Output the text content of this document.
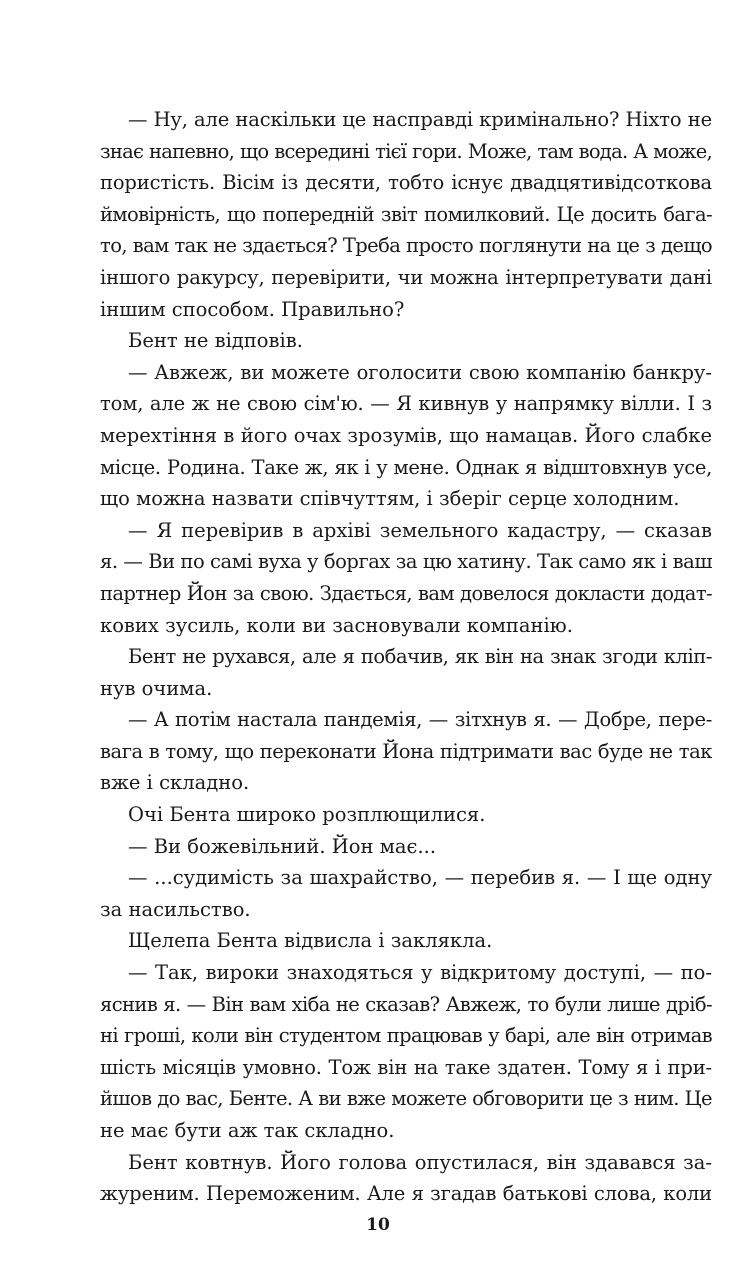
— Ну, але наскільки це насправді кримінально? Ніхто не
знає напевно, що всередині тієї гори. Може, там вода. А може,
пористість. Вісім із десяти, тобто існує двадцятивідсоткова
ймовірність, що попередній звіт помилковий. Це досить бага-
то, вам так не здається? Треба просто поглянути на це з дещо
іншого ракурсу, перевірити, чи можна інтерпретувати дані
іншим способом. Правильно?
Бент не відповів.
— Авжеж, ви можете оголосити свою компанію банкру-
том, але ж не свою сім'ю. — Я кивнув у напрямку вілли. І з
мерехтіння в його очах зрозумів, що намацав. Його слабке
місце. Родина. Таке ж, як і у мене. Однак я відштовхнув усе,
що можна назвати співчуттям, і зберіг серце холодним.
— Я перевірив в архіві земельного кадастру, — сказав
я. — Ви по самі вуха у боргах за цю хатину. Так само як і ваш
партнер Йон за свою. Здається, вам довелося докласти додат-
кових зусиль, коли ви засновували компанію.
Бент не рухався, але я побачив, як він на знак згоди кліп-
нув очима.
— А потім настала пандемія, — зітхнув я. — Добре, пере-
вага в тому, що переконати Йона підтримати вас буде не так
вже і складно.
Очі Бента широко розплющилися.
— Ви божевільний. Йон має...
— ...судимість за шахрайство, — перебив я. — І ще одну
за насильство.
Щелепа Бента відвисла і заклякла.
— Так, вироки знаходяться у відкритому доступі, — по-
яснив я. — Він вам хіба не сказав? Авжеж, то були лише дріб-
ні гроші, коли він студентом працював у барі, але він отримав
шість місяців умовно. Тож він на таке здатен. Тому я і при-
йшов до вас, Бенте. А ви вже можете обговорити це з ним. Це
не має бути аж так складно.
Бент ковтнув. Його голова опустилася, він здавався за-
журеним. Переможеним. Але я згадав батькові слова, коли
10
